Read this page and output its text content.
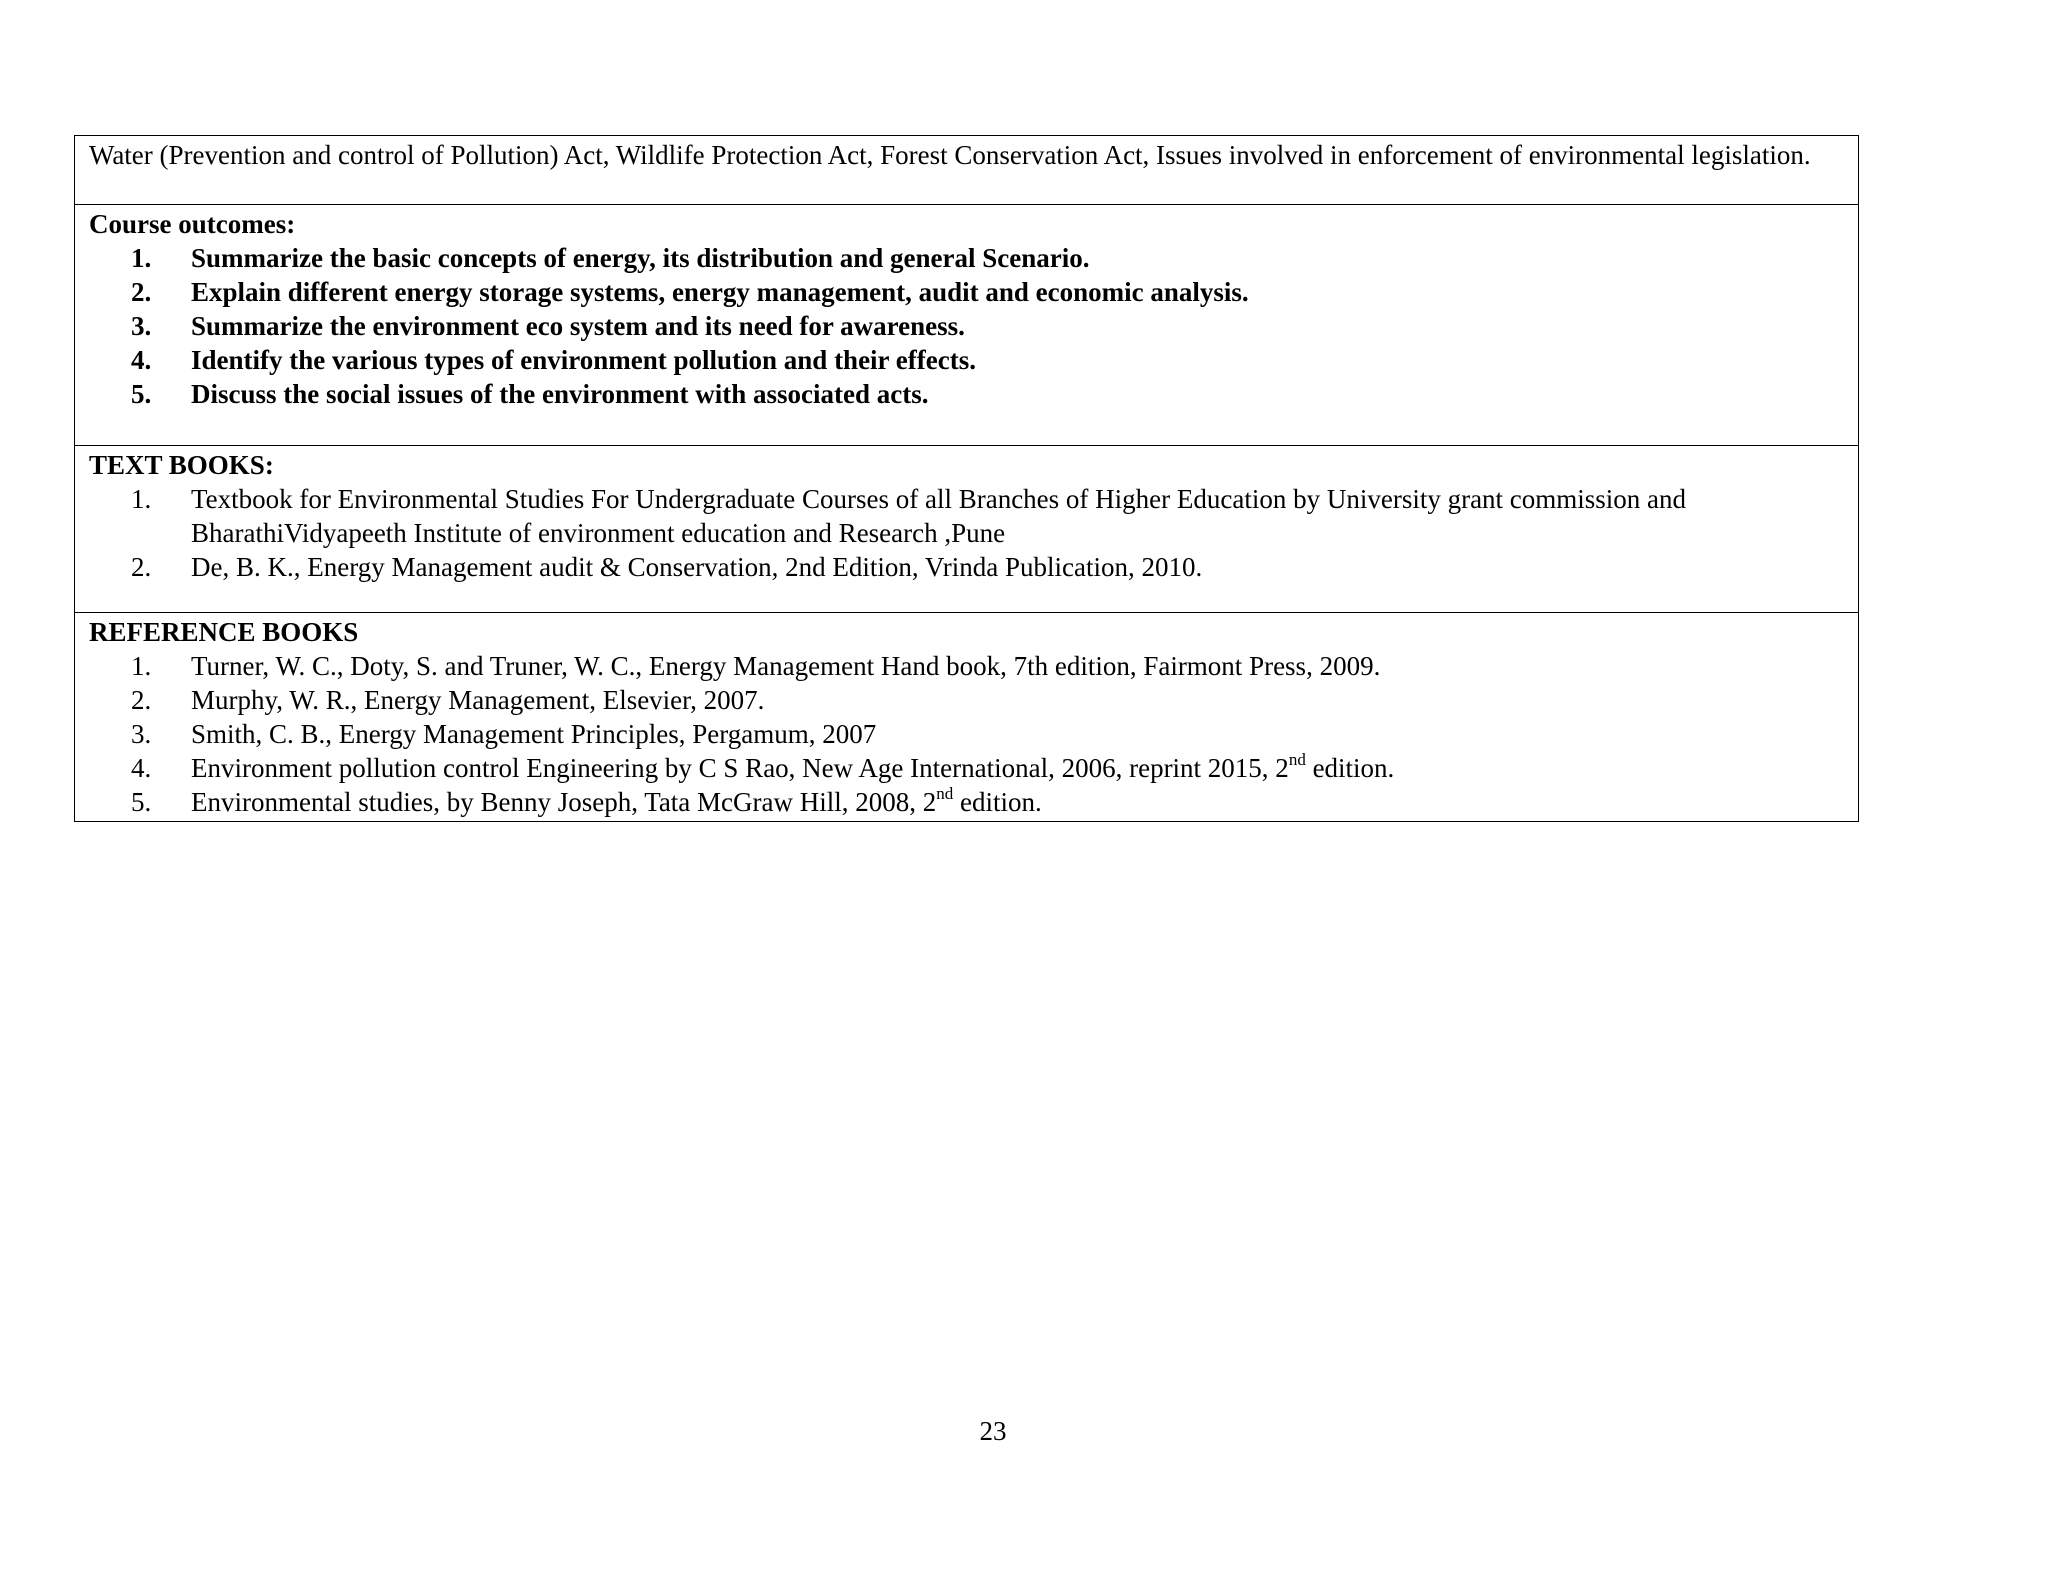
Water (Prevention and control of Pollution) Act, Wildlife Protection Act, Forest Conservation Act, Issues involved in enforcement of environmental legislation.

Course outcomes:
1.	Summarize the basic concepts of energy, its distribution and general Scenario.
2.	Explain different energy storage systems, energy management, audit and economic analysis.
3.	Summarize the environment eco system and its need for awareness.
4.	Identify the various types of environment pollution and their effects.
5.	Discuss the social issues of the environment with associated acts.

TEXT BOOKS:
1.	Textbook for Environmental Studies For Undergraduate Courses of all Branches of Higher Education by University grant commission and BharathiVidyapeeth Institute of environment education and Research ,Pune
2.	De, B. K., Energy Management audit & Conservation, 2nd Edition, Vrinda Publication, 2010.

REFERENCE BOOKS
1.	Turner, W. C., Doty, S. and Truner, W. C., Energy Management Hand book, 7th edition, Fairmont Press, 2009.
2.	Murphy, W. R., Energy Management, Elsevier, 2007.
3.	Smith, C. B., Energy Management Principles, Pergamum, 2007
4.	Environment pollution control Engineering by C S Rao, New Age International, 2006, reprint 2015, 2nd edition.
5.	Environmental studies, by Benny Joseph, Tata McGraw Hill, 2008, 2nd edition.
23
